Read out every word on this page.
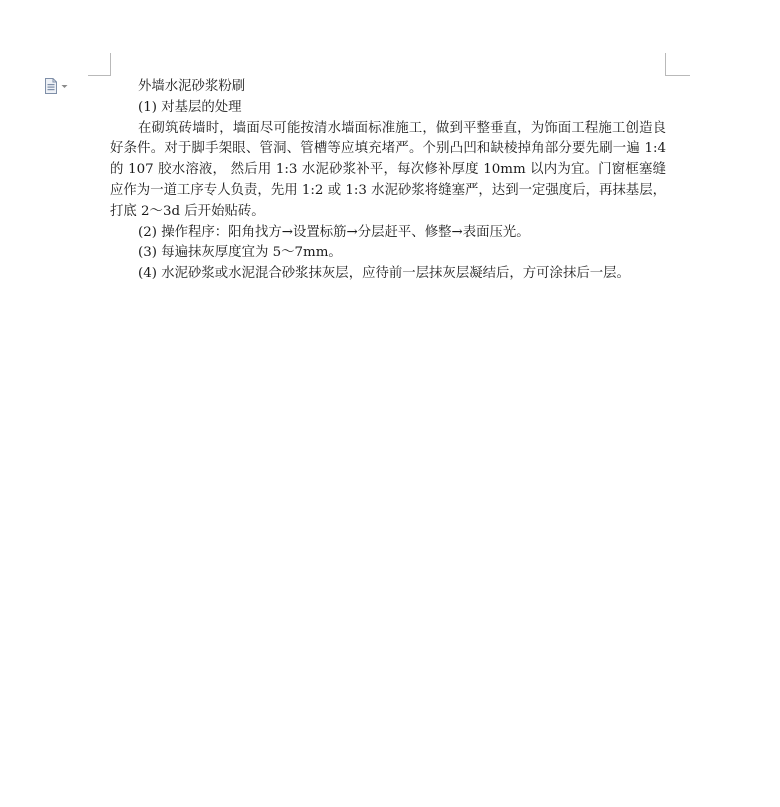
外墙水泥砂浆粉刷

(1) 对基层的处理

在砌筑砖墙时，墙面尽可能按清水墙面标准施工，做到平整垂直，为饰面工程施工创造良好条件。对于脚手架眼、管洞、管槽等应填充堵严。个别凸凹和缺棱掉角部分要先刷一遍 1:4 的 107 胶水溶液， 然后用 1:3 水泥砂浆补平，每次修补厚度 10mm 以内为宜。门窗框塞缝应作为一道工序专人负责，先用 1:2 或 1:3 水泥砂浆将缝塞严，达到一定强度后，再抹基层，打底 2～3d 后开始贴砖。

(2) 操作程序：阳角找方→设置标筋→分层赶平、修整→表面压光。

(3) 每遍抹灰厚度宜为 5～7mm。

(4) 水泥砂浆或水泥混合砂浆抹灰层，应待前一层抹灰层凝结后，方可涂抹后一层。
